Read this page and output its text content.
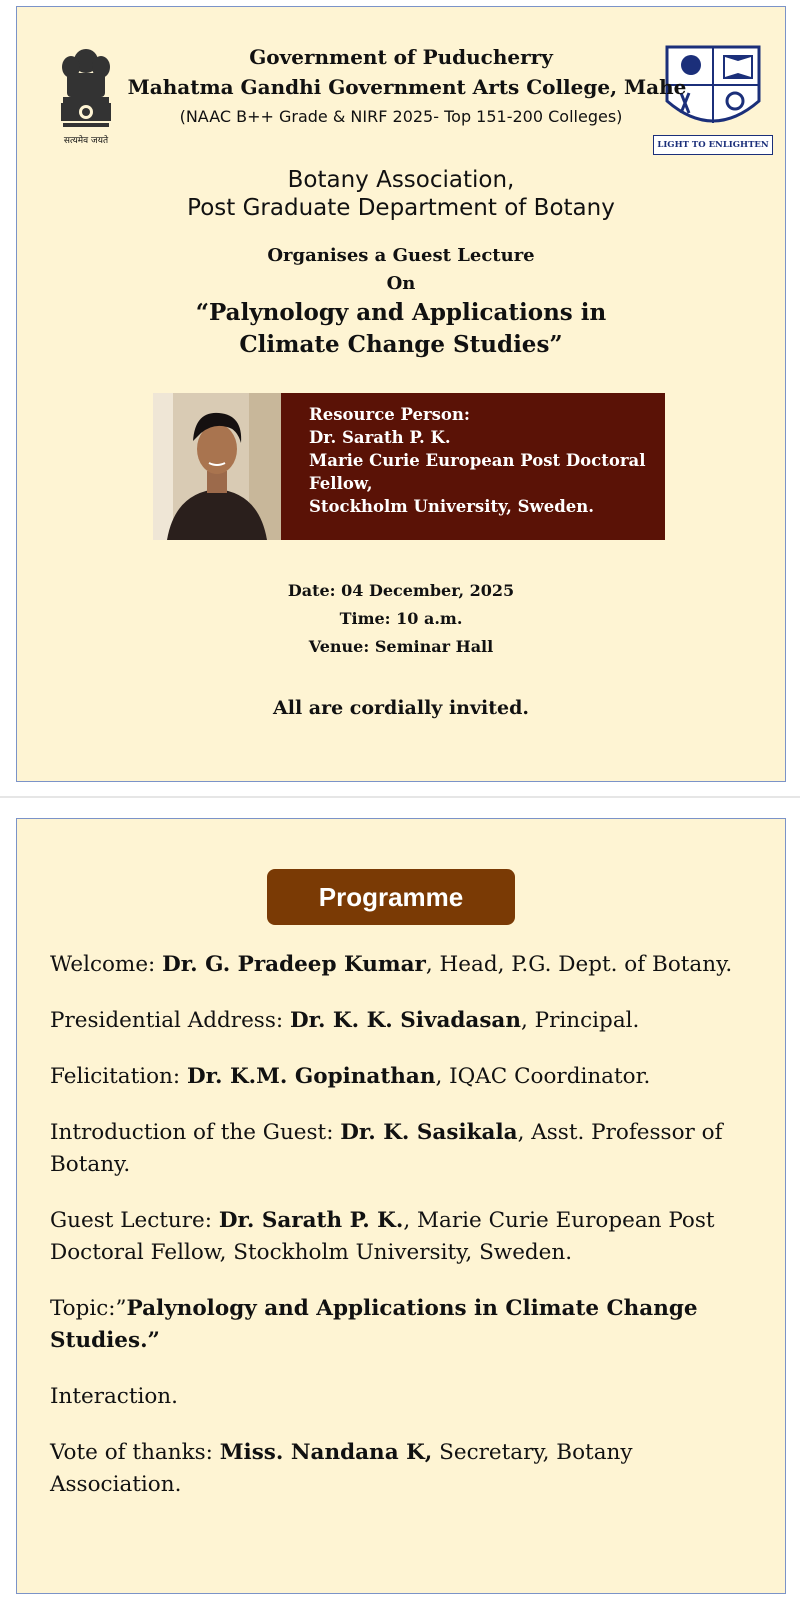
सत्यमेव जयते	LIGHT TO ENLIGHTEN
Government of Puducherry
Mahatma Gandhi Government Arts College, Mahe
(NAAC B++ Grade & NIRF 2025- Top 151-200 Colleges)
Botany Association,
Post Graduate Department of Botany
Organises a Guest Lecture
On
“Palynology and Applications in
Climate Change Studies”
Resource Person:
Dr. Sarath P. K.
Marie Curie European Post Doctoral
Fellow,
Stockholm University, Sweden.
Date: 04 December, 2025
Time: 10 a.m.
Venue: Seminar Hall
All are cordially invited.
Programme
Welcome: Dr. G. Pradeep Kumar, Head, P.G. Dept. of Botany.
Presidential Address: Dr. K. K. Sivadasan, Principal.
Felicitation: Dr. K.M. Gopinathan, IQAC Coordinator.
Introduction of the Guest: Dr. K. Sasikala, Asst. Professor of Botany.
Guest Lecture: Dr. Sarath P. K., Marie Curie European Post Doctoral Fellow, Stockholm University, Sweden.
Topic:”Palynology and Applications in Climate Change Studies.”
Interaction.
Vote of thanks: Miss. Nandana K, Secretary, Botany Association.
